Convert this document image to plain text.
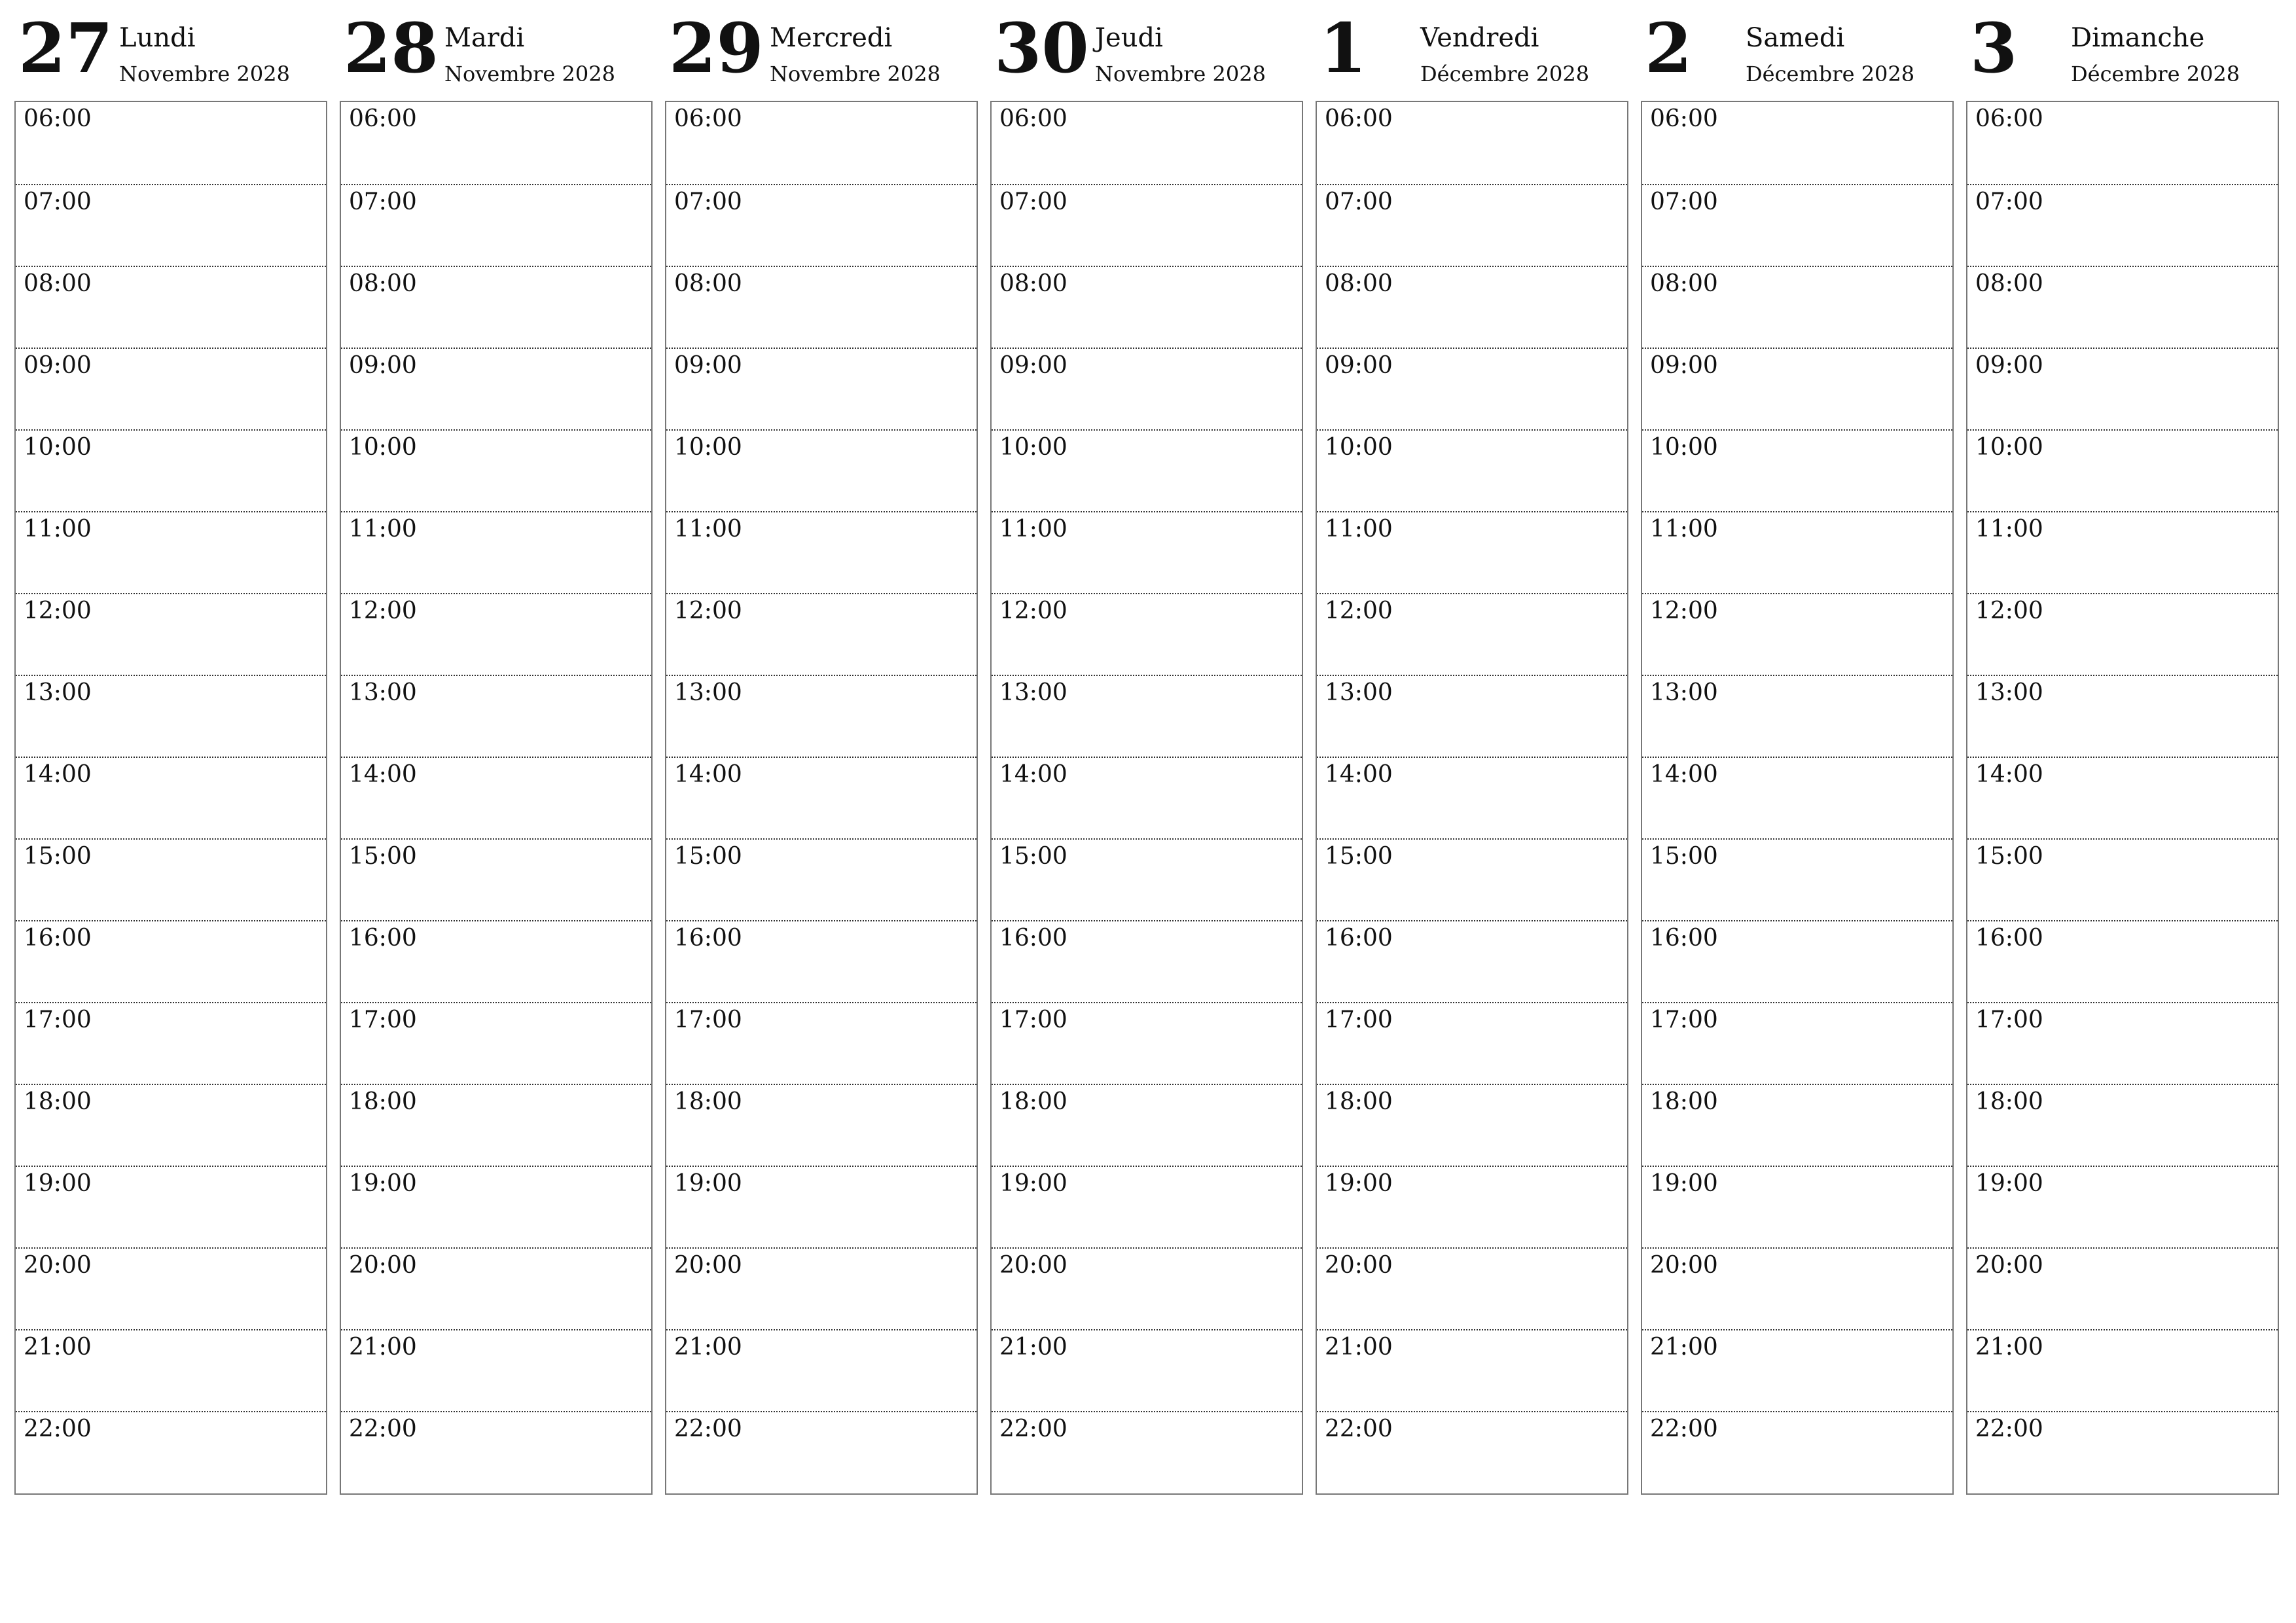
27 Lundi
Novembre 2028
06:00
07:00
08:00
09:00
10:00
11:00
12:00
13:00
14:00
15:00
16:00
17:00
18:00
19:00
20:00
21:00
22:00
28 Mardi
Novembre 2028
06:00
07:00
08:00
09:00
10:00
11:00
12:00
13:00
14:00
15:00
16:00
17:00
18:00
19:00
20:00
21:00
22:00
29 Mercredi
Novembre 2028
06:00
07:00
08:00
09:00
10:00
11:00
12:00
13:00
14:00
15:00
16:00
17:00
18:00
19:00
20:00
21:00
22:00
30 Jeudi
Novembre 2028
06:00
07:00
08:00
09:00
10:00
11:00
12:00
13:00
14:00
15:00
16:00
17:00
18:00
19:00
20:00
21:00
22:00
1 Vendredi
Décembre 2028
06:00
07:00
08:00
09:00
10:00
11:00
12:00
13:00
14:00
15:00
16:00
17:00
18:00
19:00
20:00
21:00
22:00
2 Samedi
Décembre 2028
06:00
07:00
08:00
09:00
10:00
11:00
12:00
13:00
14:00
15:00
16:00
17:00
18:00
19:00
20:00
21:00
22:00
3 Dimanche
Décembre 2028
06:00
07:00
08:00
09:00
10:00
11:00
12:00
13:00
14:00
15:00
16:00
17:00
18:00
19:00
20:00
21:00
22:00
